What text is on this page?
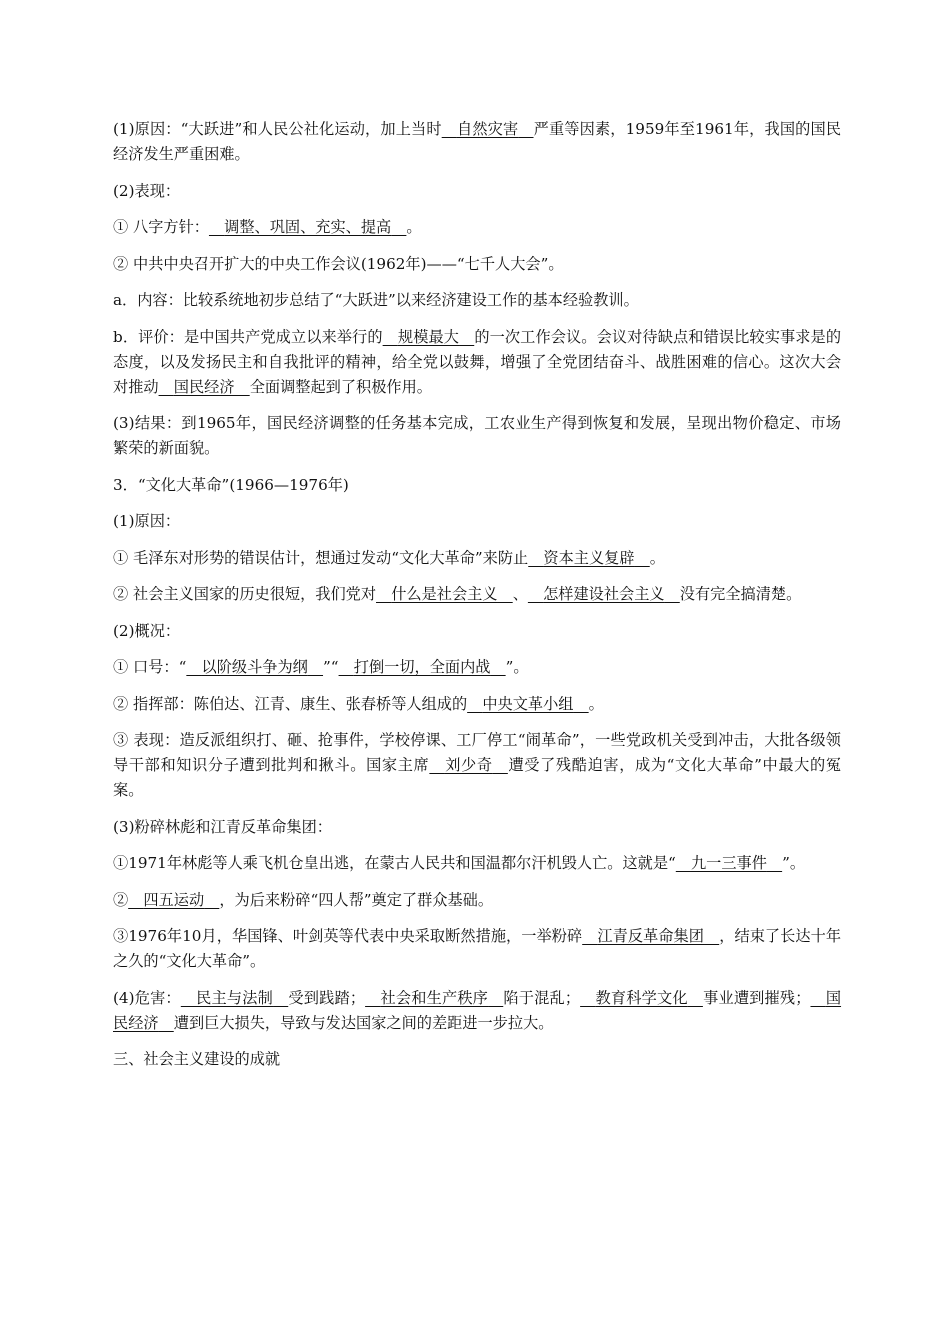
(1)原因：“大跃进”和人民公社化运动，加上当时   自然灾害   严重等因素，1959年至1961年，我国的国民经济发生严重困难。

(2)表现：

① 八字方针：   调整、巩固、充实、提高   。

② 中共中央召开扩大的中央工作会议(1962年)——“七千人大会”。

a．内容：比较系统地初步总结了“大跃进”以来经济建设工作的基本经验教训。

b．评价：是中国共产党成立以来举行的   规模最大   的一次工作会议。会议对待缺点和错误比较实事求是的态度，以及发扬民主和自我批评的精神，给全党以鼓舞，增强了全党团结奋斗、战胜困难的信心。这次大会对推动   国民经济   全面调整起到了积极作用。

(3)结果：到1965年，国民经济调整的任务基本完成，工农业生产得到恢复和发展，呈现出物价稳定、市场繁荣的新面貌。

3．“文化大革命”(1966—1976年)

(1)原因：

① 毛泽东对形势的错误估计，想通过发动“文化大革命”来防止   资本主义复辟   。

② 社会主义国家的历史很短，我们党对   什么是社会主义   、   怎样建设社会主义   没有完全搞清楚。

(2)概况：

① 口号：“   以阶级斗争为纲   ”“   打倒一切，全面内战   ”。

② 指挥部：陈伯达、江青、康生、张春桥等人组成的   中央文革小组   。

③ 表现：造反派组织打、砸、抢事件，学校停课、工厂停工“闹革命”，一些党政机关受到冲击，大批各级领导干部和知识分子遭到批判和揪斗。国家主席   刘少奇   遭受了残酷迫害，成为“文化大革命”中最大的冤案。

(3)粉碎林彪和江青反革命集团：

①1971年林彪等人乘飞机仓皇出逃，在蒙古人民共和国温都尔汗机毁人亡。这就是“   九一三事件   ”。

②   四五运动   ，为后来粉碎“四人帮”奠定了群众基础。

③1976年10月，华国锋、叶剑英等代表中央采取断然措施，一举粉碎   江青反革命集团   ，结束了长达十年之久的“文化大革命”。

(4)危害：   民主与法制   受到践踏；   社会和生产秩序   陷于混乱；   教育科学文化   事业遭到摧残；   国民经济   遭到巨大损失，导致与发达国家之间的差距进一步拉大。

三、社会主义建设的成就
